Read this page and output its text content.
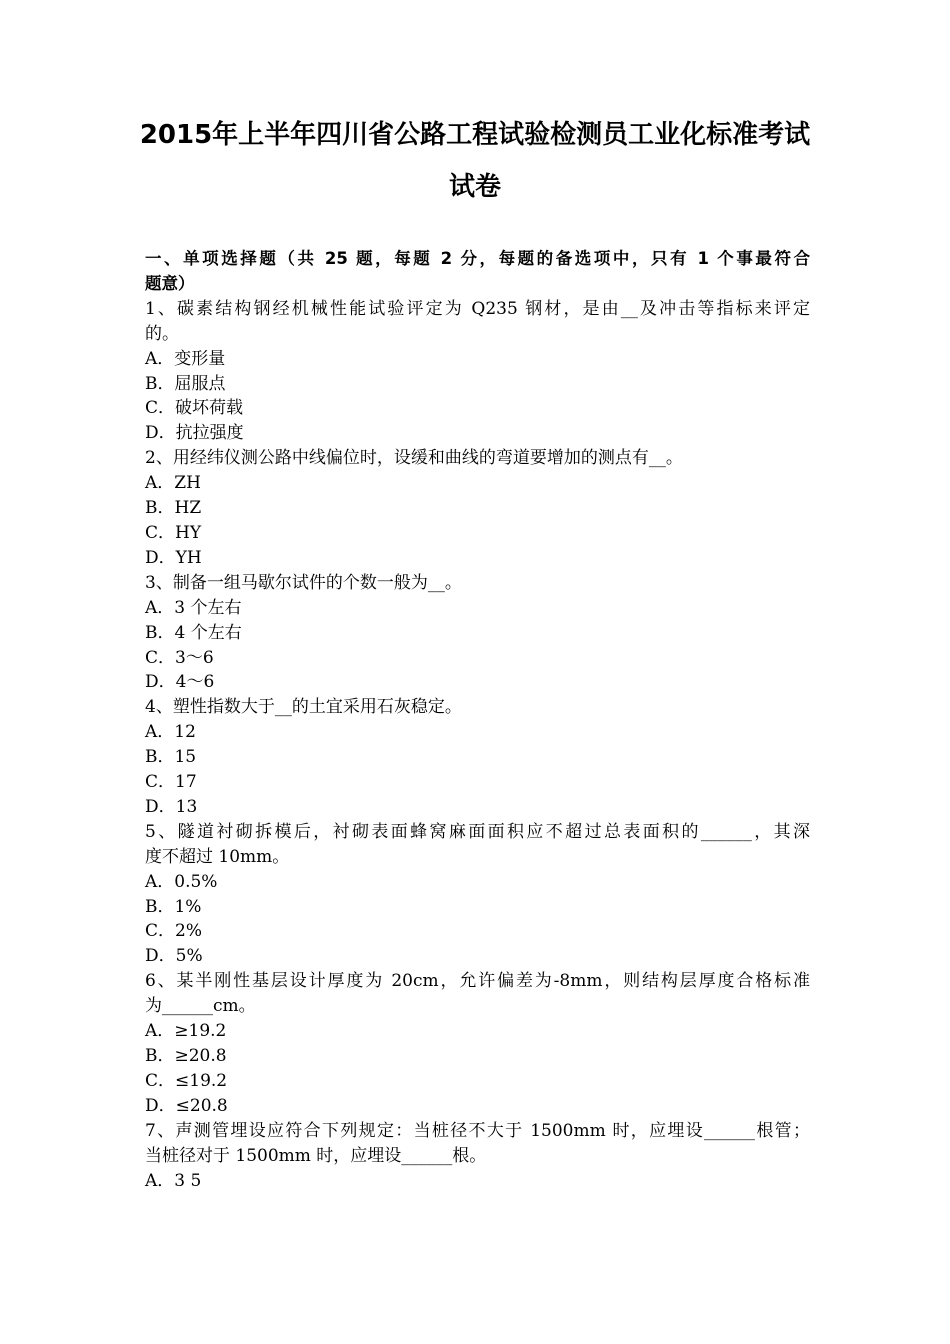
2015年上半年四川省公路工程试验检测员工业化标准考试
试卷
一、单项选择题（共 25 题，每题 2 分，每题的备选项中，只有 1 个事最符合
题意）
1、碳素结构钢经机械性能试验评定为 Q235 钢材，是由__及冲击等指标来评定
的。
A．变形量
B．屈服点
C．破坏荷载
D．抗拉强度
2、用经纬仪测公路中线偏位时，设缓和曲线的弯道要增加的测点有__。
A．ZH
B．HZ
C．HY
D．YH
3、制备一组马歇尔试件的个数一般为__。
A．3 个左右
B．4 个左右
C．3～6
D．4～6
4、塑性指数大于__的土宜采用石灰稳定。
A．12
B．15
C．17
D．13
5、隧道衬砌拆模后，衬砌表面蜂窝麻面面积应不超过总表面积的______，其深
度不超过 10mm。
A．0.5%
B．1%
C．2%
D．5%
6、某半刚性基层设计厚度为 20cm，允许偏差为-8mm，则结构层厚度合格标准
为______cm。
A．≥19.2
B．≥20.8
C．≤19.2
D．≤20.8
7、声测管埋设应符合下列规定：当桩径不大于 1500mm 时，应埋设______根管；
当桩径对于 1500mm 时，应埋设______根。
A．3 5
